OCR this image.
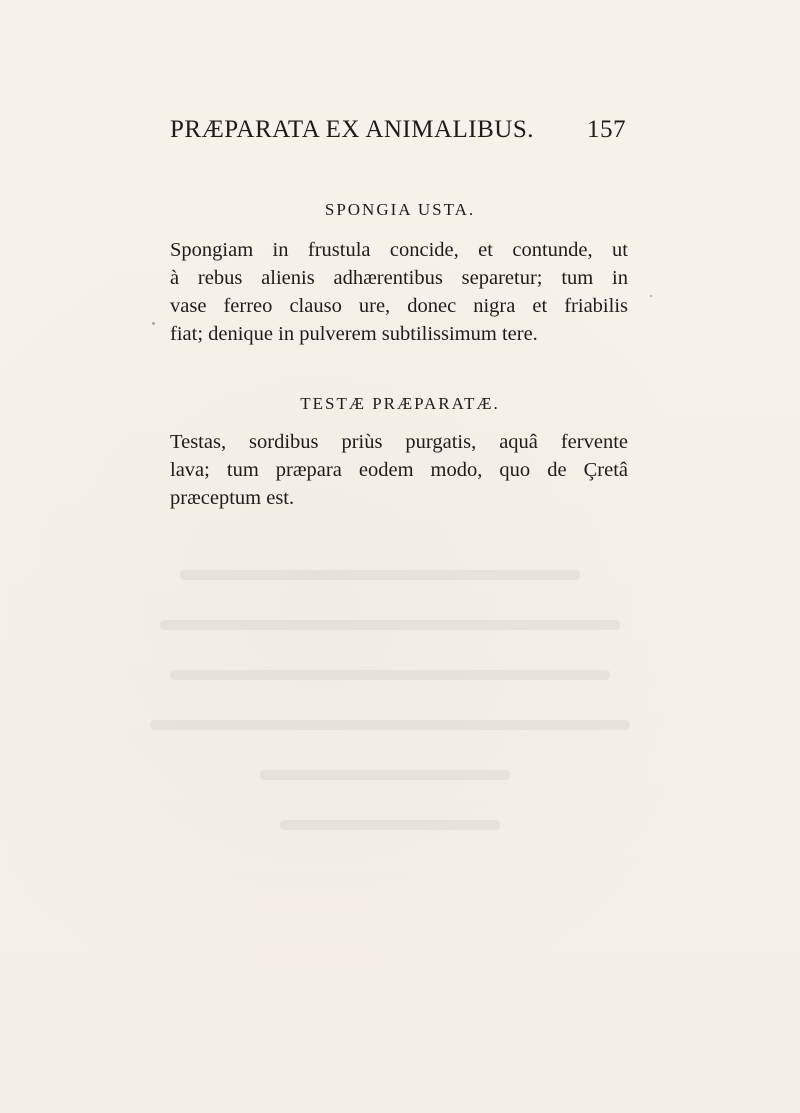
PRÆPARATA EX ANIMALIBUS. 157
SPONGIA USTA.
Spongiam in frustula concide, et contunde, ut
à rebus alienis adhærentibus separetur; tum in
vase ferreo clauso ure, donec nigra et friabilis
fiat; denique in pulverem subtilissimum tere.
TESTÆ PRÆPARATÆ.
Testas, sordibus priùs purgatis, aquâ fervente
lava; tum præpara eodem modo, quo de Çretâ
præceptum est.
